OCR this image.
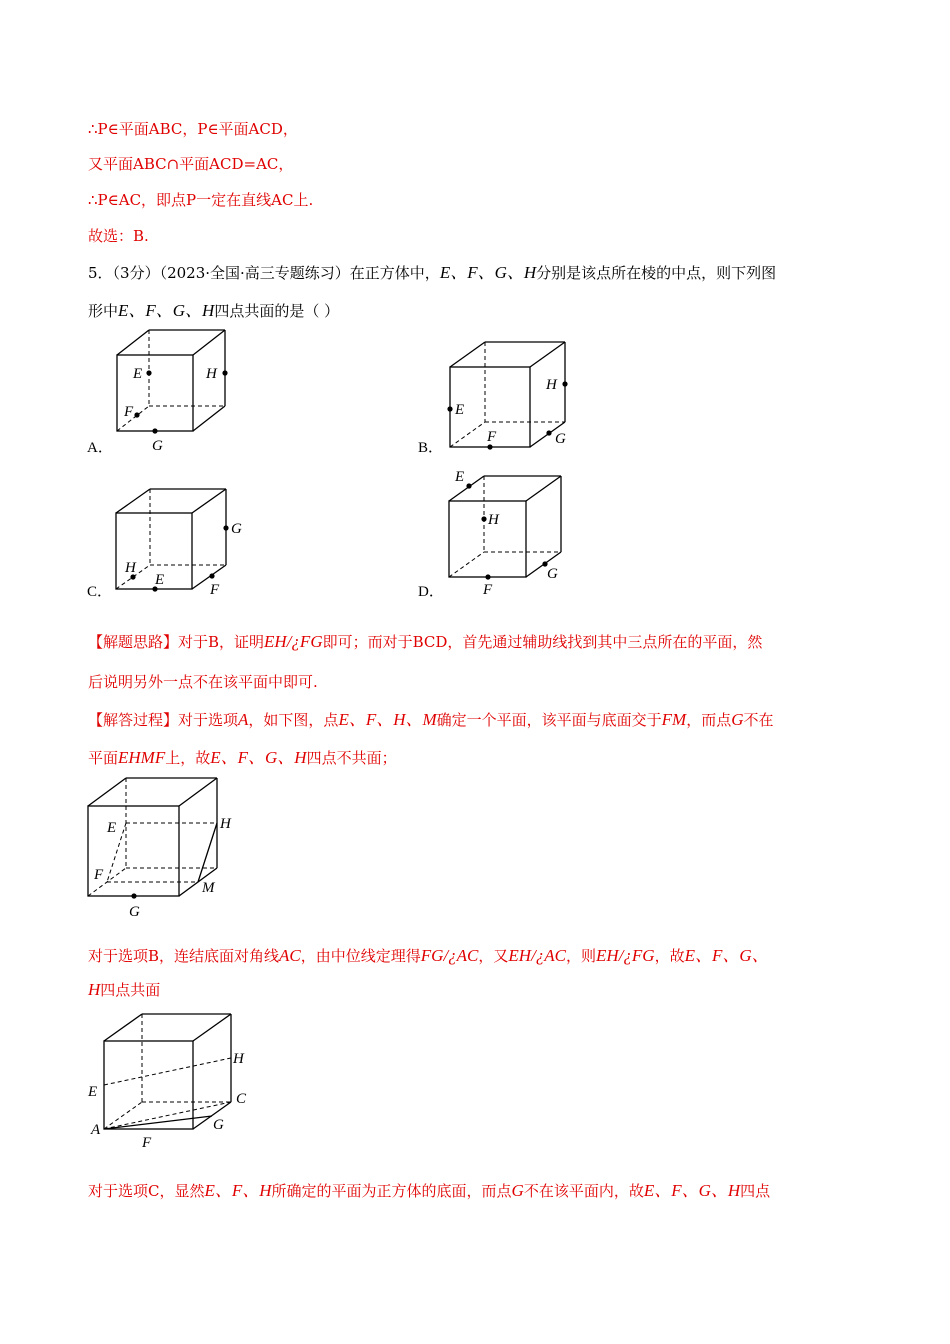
∴P∈平面ABC，P∈平面ACD，
又平面ABC∩平面ACD=AC，
∴P∈AC，即点P一定在直线AC上.
故选：B.
5．（3分）（2023·全国·高三专题练习）在正方体中，E、F、G、H分别是该点所在棱的中点，则下列图
形中E、F、G、H四点共面的是（ ）
E	H
F
G
A．
E
H
F	G
B．
H
E
F
G
C．
E
H
F
G
D．
【解题思路】对于B，证明EH/¿FG即可；而对于BCD，首先通过辅助线找到其中三点所在的平面，然
后说明另外一点不在该平面中即可.
【解答过程】对于选项A，如下图，点E、F、H、M确定一个平面，该平面与底面交于FM，而点G不在
平面EHMF上，故E、F、G、H四点不共面；
E	H
F
M
G
对于选项B，连结底面对角线AC，由中位线定理得FG/¿AC，又EH/¿AC，则EH/¿FG，故E、F、G、
H四点共面
E
H
C
A
F
G
对于选项C，显然E、F、H所确定的平面为正方体的底面，而点G不在该平面内，故E、F、G、H四点
